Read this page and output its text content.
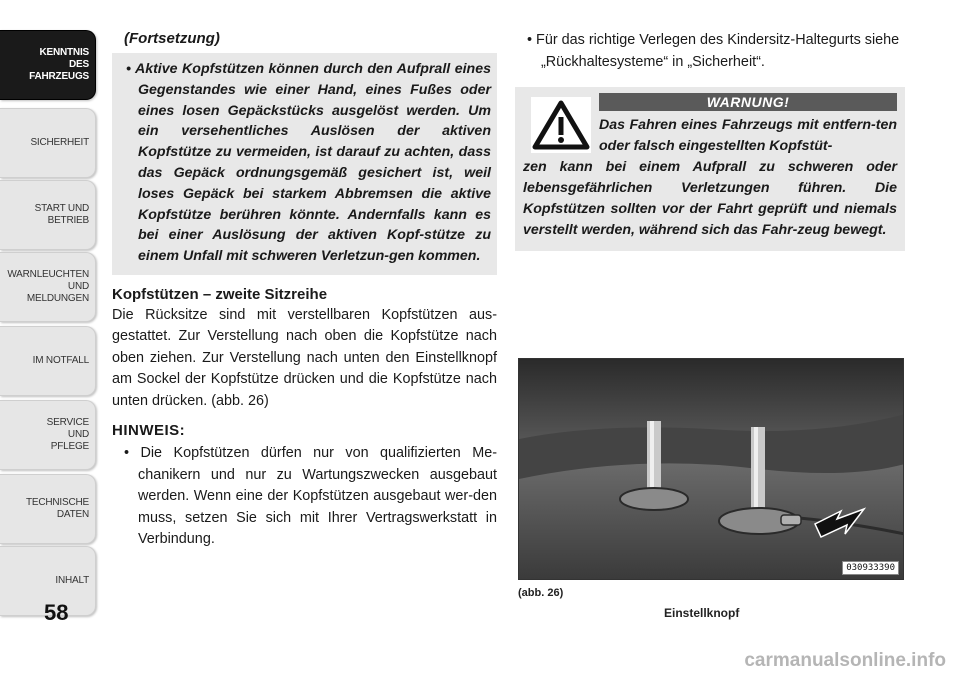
KENNTNIS
DES
FAHRZEUGS
SICHERHEIT
START UND
BETRIEB
WARNLEUCHTEN
UND
MELDUNGEN
IM NOTFALL
SERVICE
UND
PFLEGE
TECHNISCHE
DATEN
INHALT
58
(Fortsetzung)

• Aktive Kopfstützen können durch den Aufprall eines Gegenstandes wie einer Hand, eines Fußes oder eines losen Gepäckstücks ausgelöst werden. Um ein versehentliches Auslösen der aktiven Kopfstütze zu vermeiden, ist darauf zu achten, dass das Gepäck ordnungsgemäß gesichert ist, weil loses Gepäck bei starkem Abbremsen die aktive Kopfstütze berühren könnte. Andernfalls kann es bei einer Auslösung der aktiven Kopf-stütze zu einem Unfall mit schweren Verletzun-gen kommen.

Kopfstützen – zweite Sitzreihe

Die Rücksitze sind mit verstellbaren Kopfstützen aus-gestattet. Zur Verstellung nach oben die Kopfstütze nach oben ziehen. Zur Verstellung nach unten den Einstellknopf am Sockel der Kopfstütze drücken und die Kopfstütze nach unten drücken. (abb. 26)

HINWEIS:

• Die Kopfstützen dürfen nur von qualifizierten Me-chanikern und nur zu Wartungszwecken ausgebaut werden. Wenn eine der Kopfstützen ausgebaut wer-den muss, setzen Sie sich mit Ihrer Vertragswerkstatt in Verbindung.

• Für das richtige Verlegen des Kindersitz-Haltegurts siehe „Rückhaltesysteme“ in „Sicherheit“.

WARNUNG!

Das Fahren eines Fahrzeugs mit entfern-ten oder falsch eingestellten Kopfstüt-
zen kann bei einem Aufprall zu schweren oder lebensgefährlichen Verletzungen führen. Die Kopfstützen sollten vor der Fahrt geprüft und niemals verstellt werden, während sich das Fahr-zeug bewegt.

030933390
(abb. 26)
Einstellknopf
carmanualsonline.info
